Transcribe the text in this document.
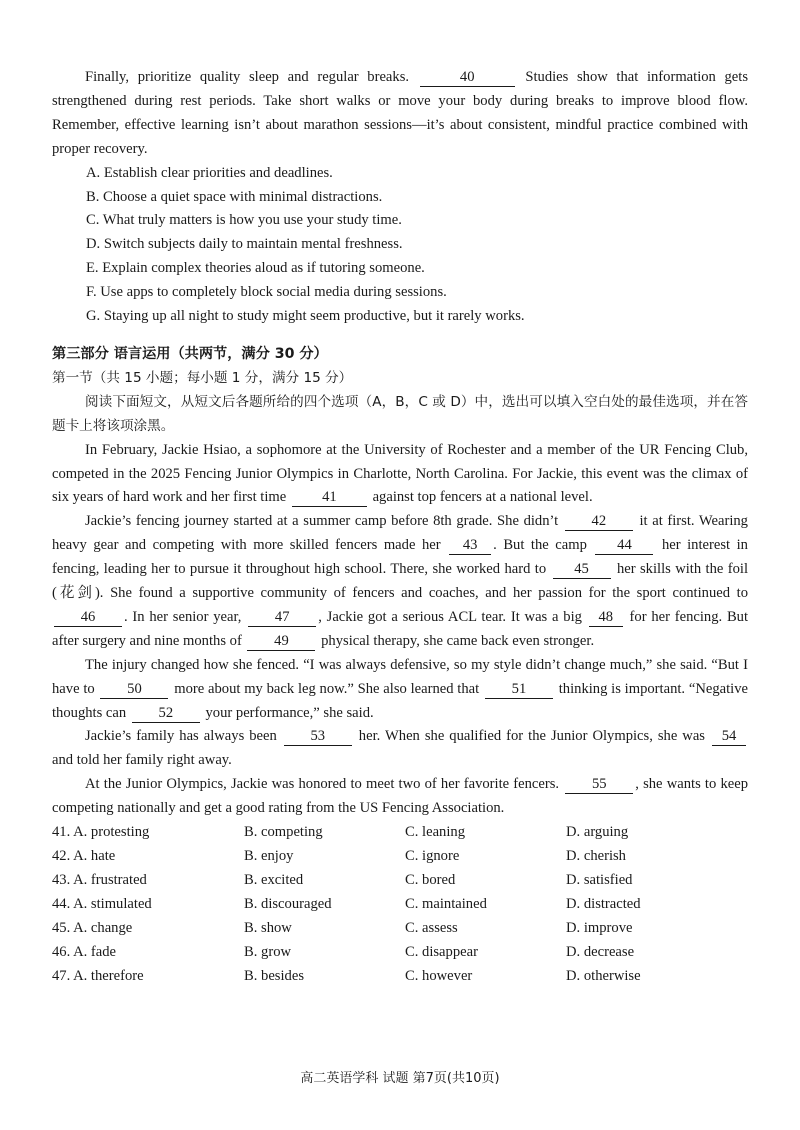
Finally, prioritize quality sleep and regular breaks.	40	Studies show that information gets strengthened during rest periods. Take short walks or move your body during breaks to improve blood flow. Remember, effective learning isn’t about marathon sessions—it’s about consistent, mindful practice combined with proper recovery.

A. Establish clear priorities and deadlines.

B. Choose a quiet space with minimal distractions.

C. What truly matters is how you use your study time.

D. Switch subjects daily to maintain mental freshness.

E. Explain complex theories aloud as if tutoring someone.

F. Use apps to completely block social media during sessions.

G. Staying up all night to study might seem productive, but it rarely works.

第三部分 语言运用（共两节，满分 30 分）

第一节（共 15 小题；每小题 1 分，满分 15 分）

阅读下面短文，从短文后各题所给的四个选项（A，B，C 或 D）中，选出可以填入空白处的最佳选项，并在答题卡上将该项涂黑。

In February, Jackie Hsiao, a sophomore at the University of Rochester and a member of the UR Fencing Club, competed in the 2025 Fencing Junior Olympics in Charlotte, North Carolina. For Jackie, this event was the climax of six years of hard work and her first time 41 against top fencers at a national level.

Jackie’s fencing journey started at a summer camp before 8th grade. She didn’t 42 it at first. Wearing heavy gear and competing with more skilled fencers made her 43 . But the camp 44 her interest in fencing, leading her to pursue it throughout high school. There, she worked hard to 45 her skills with the foil (花剑). She found a supportive community of fencers and coaches, and her passion for the sport continued to 46 . In her senior year, 47 , Jackie got a serious ACL tear. It was a big 48 for her fencing. But after surgery and nine months of 49 physical therapy, she came back even stronger.

The injury changed how she fenced. “I was always defensive, so my style didn’t change much,” she said. “But I have to 50 more about my back leg now.” She also learned that 51 thinking is important. “Negative thoughts can 52 your performance,” she said.

Jackie’s family has always been 53 her. When she qualified for the Junior Olympics, she was 54 and told her family right away.

At the Junior Olympics, Jackie was honored to meet two of her favorite fencers. 55 , she wants to keep competing nationally and get a good rating from the US Fencing Association.

41. A. protesting	B. competing	C. leaning	D. arguing
42. A. hate	B. enjoy	C. ignore	D. cherish
43. A. frustrated	B. excited	C. bored	D. satisfied
44. A. stimulated	B. discouraged	C. maintained	D. distracted
45. A. change	B. show	C. assess	D. improve
46. A. fade	B. grow	C. disappear	D. decrease
47. A. therefore	B. besides	C. however	D. otherwise
高二英语学科 试题 第7页(共10页)
